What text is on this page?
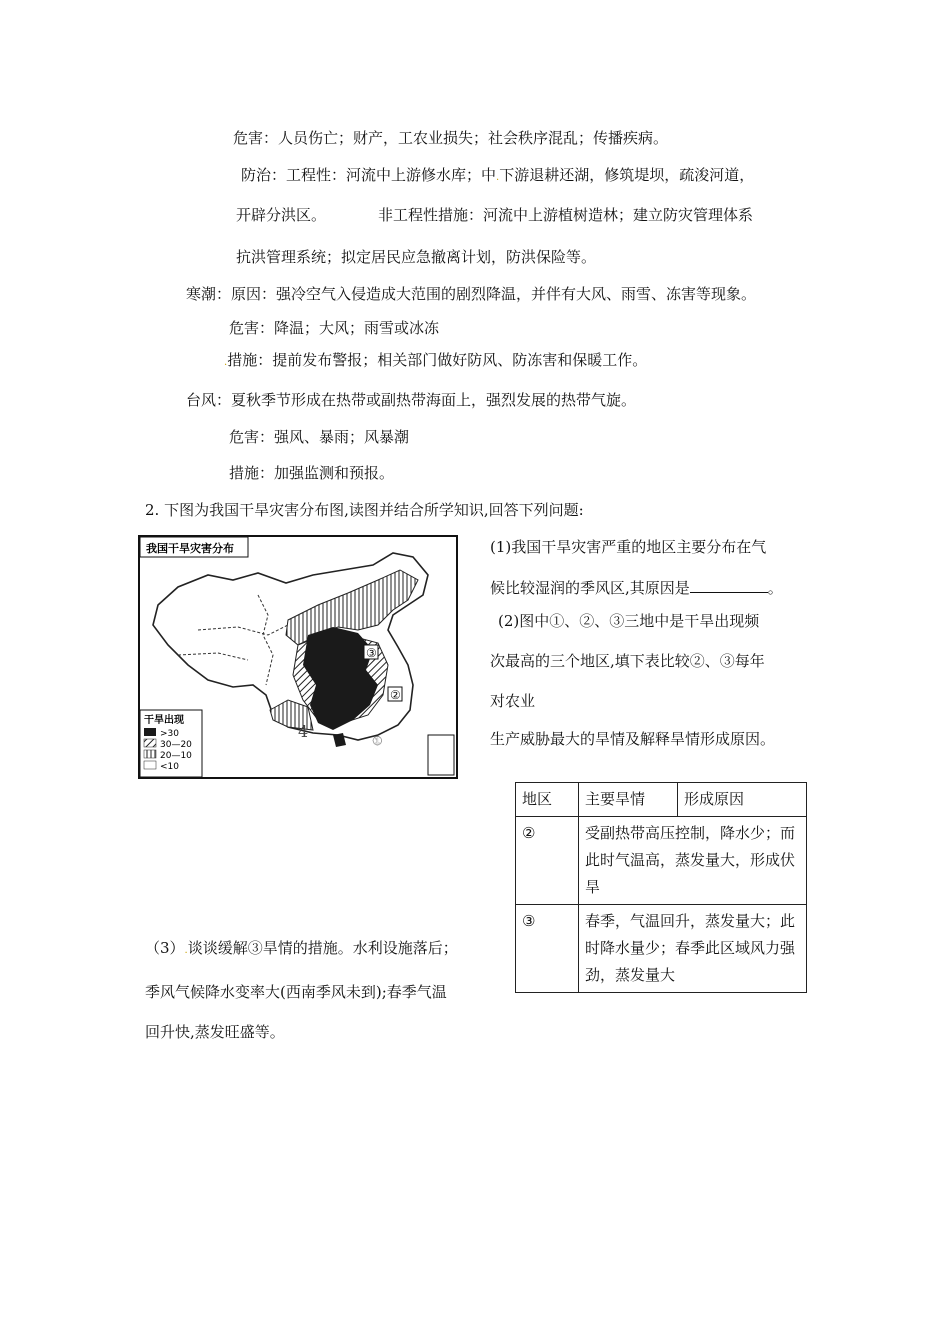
危害：人员伤亡；财产，工农业损失；社会秩序混乱；传播疾病。
防治：工程性：河流中上游修水库；中.下游退耕还湖，修筑堤坝，疏浚河道，
开辟分洪区。	非工程性措施：河流中上游植树造林；建立防灾管理体系
抗洪管理系统；拟定居民应急撤离计划，防洪保险等。
寒潮：原因：强冷空气入侵造成大范围的剧烈降温，并伴有大风、雨雪、冻害等现象。
危害：降温；大风；雨雪或冰冻
.措施：提前发布警报；相关部门做好防风、防冻害和保暖工作。
台风：夏秋季节形成在热带或副热带海面上，强烈发展的热带气旋。
危害：强风、暴雨；风暴潮
措施：加强监测和预报。
2. 下图为我国干旱灾害分布图,读图并结合所学知识,回答下列问题:
我国干旱灾害分布
③
②
①
4
干旱出现
>30
30—20
20—10
<10
(1)我国干旱灾害严重的地区主要分布在气
候比较湿润的季风区,其原因是	。
(2)图中①、②、③三地中是干旱出现频
次最高的三个地区,填下表比较②、③每年
对农业
生产威胁最大的旱情及解释旱情形成原因。
地区	主要旱情	形成原因
②	受副热带高压控制，降水少；而此时气温高，蒸发量大，形成伏旱	
③	春季，气温回升，蒸发量大；此时降水量少；春季此区域风力强劲，蒸发量大	
（3）.谈谈缓解③旱情的措施。水利设施落后；
季风气候降水变率大(西南季风未到);春季气温
回升快,蒸发旺盛等。
